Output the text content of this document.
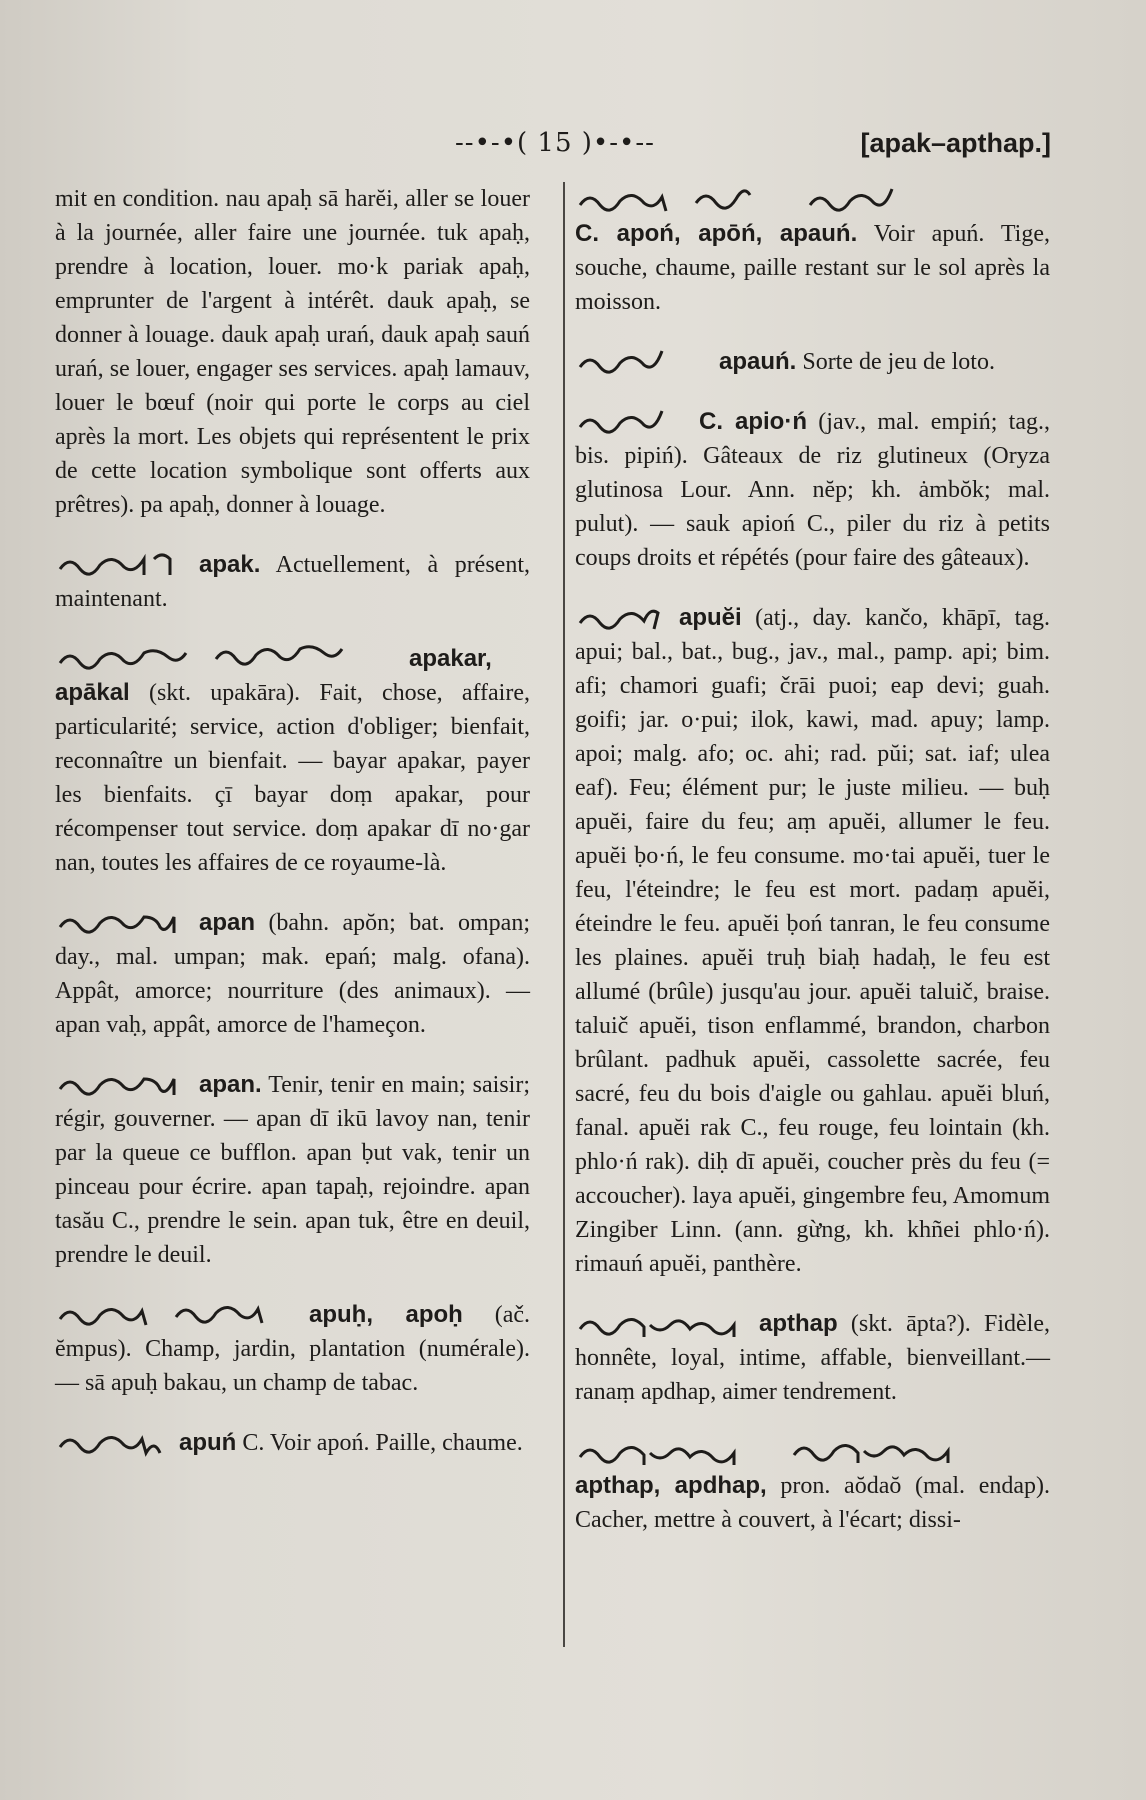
--•-•( 15 )•-•--	[apak–apthap.]

mit en condition. nau apaḥ sā harĕi, aller se louer à la journée, aller faire une journée. tuk apaḥ, prendre à location, louer. mo·k pariak apaḥ, emprunter de l'argent à intérêt. dauk apaḥ, se donner à louage. dauk apaḥ urań, dauk apaḥ sauń urań, se louer, engager ses services. apaḥ lamauv, louer le bœuf (noir qui porte le corps au ciel après la mort. Les objets qui représentent le prix de cette location symbolique sont offerts aux prêtres). pa apaḥ, donner à louage.

apak. Actuellement, à présent, maintenant.

apakar, apākal (skt. upakāra). Fait, chose, affaire, particularité; service, action d'obliger; bienfait, reconnaître un bienfait. — bayar apakar, payer les bienfaits. çī bayar doṃ apakar, pour récompenser tout service. doṃ apakar dī no·gar nan, toutes les affaires de ce royaume-là.

apan (bahn. apŏn; bat. ompan; day., mal. umpan; mak. epań; malg. ofana). Appât, amorce; nourriture (des animaux). — apan vaḥ, appât, amorce de l'hameçon.

apan. Tenir, tenir en main; saisir; régir, gouverner. — apan dī ikū lavoy nan, tenir par la queue ce bufflon. apan ḅut vak, tenir un pinceau pour écrire. apan tapaḥ, rejoindre. apan tasău C., prendre le sein. apan tuk, être en deuil, prendre le deuil.

apuḥ, apoḥ (ač. ĕmpus). Champ, jardin, plantation (numérale). — sā apuḥ bakau, un champ de tabac.

apuń C. Voir apoń. Paille, chaume.

C. apoń, apōń, apauń. Voir apuń. Tige, souche, chaume, paille restant sur le sol après la moisson.

apauń. Sorte de jeu de loto.

C. apio·ń (jav., mal. empiń; tag., bis. pipiń). Gâteaux de riz glutineux (Oryza glutinosa Lour. Ann. nĕp; kh. ȧmbŏk; mal. pulut). — sauk apioń C., piler du riz à petits coups droits et répétés (pour faire des gâteaux).

apuĕi (atj., day. kančo, khāpī, tag. apui; bal., bat., bug., jav., mal., pamp. api; bim. afi; chamori guafi; črāi puoi; eap devi; guah. goifi; jar. o·pui; ilok, kawi, mad. apuy; lamp. apoi; malg. afo; oc. ahi; rad. pŭi; sat. iaf; ulea eaf). Feu; élément pur; le juste milieu. — buḥ apuĕi, faire du feu; aṃ apuĕi, allumer le feu. apuĕi ḅo·ń, le feu consume. mo·tai apuĕi, tuer le feu, l'éteindre; le feu est mort. padaṃ apuĕi, éteindre le feu. apuĕi ḅoń tanran, le feu consume les plaines. apuĕi truḥ biaḥ hadaḥ, le feu est allumé (brûle) jusqu'au jour. apuĕi taluič, braise. taluič apuĕi, tison enflammé, brandon, charbon brûlant. padhuk apuĕi, cassolette sacrée, feu sacré, feu du bois d'aigle ou gahlau. apuĕi bluń, fanal. apuĕi rak C., feu rouge, feu lointain (kh. phlo·ń rak). diḥ dī apuĕi, coucher près du feu (= accoucher). laya apuĕi, gingembre feu, Amomum Zingiber Linn. (ann. gừng, kh. khñei phlo·ń). rimauń apuĕi, panthère.

apthap (skt. āpta?). Fidèle, honnête, loyal, intime, affable, bienveillant.—ranaṃ apdhap, aimer tendrement.

apthap, apdhap, pron. aŏdaŏ (mal. endap). Cacher, mettre à couvert, à l'écart; dissi-
